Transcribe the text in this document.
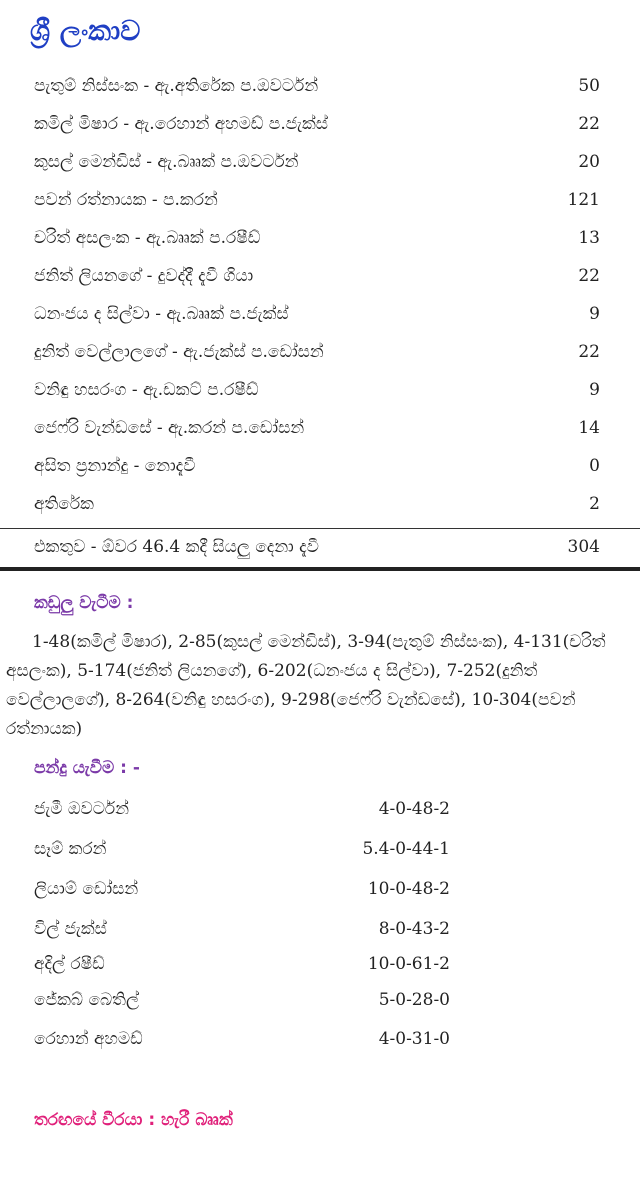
ශ්‍රී ලංකාව
පැතුම් නිස්සංක - ඇ.අතිරේක ප.ඔවර්ටන්	50
කමිල් මිෂාර - ඇ.රෙහාන් අහමඩ් ප.ජැක්ස්	22
කුසල් මෙන්ඩිස් - ඇ.බෲක් ප.ඔවර්ටන්	20
පවන් රත්නායක - ප.කරන්	121
චරිත් අසලංක - ඇ.බෲක් ප.රෂීඩ්	13
ජනිත් ලියනගේ - දුවද්දී දැවී ගියා	22
ධනංජය ද සිල්වා - ඇ.බෲක් ප.ජැක්ස්	9
දුනිත් වෙල්ලාලගේ - ඇ.ජැක්ස් ප.ඩෝසන්	22
වනිඳු හසරංග - ඇ.ඩකට් ප.රෂීඩ්	9
ජෙෆ්රි වැන්ඩසේ - ඇ.කරන් ප.ඩෝසන්	14
අසිත ප්‍රනාන්දු - නොදැවී	0
අතිරේක	2
එකතුව - ඕවර 46.4 කදී සියලු දෙනා දැවී	304
කඩුලු වැටීම :

1-48(කමිල් මිෂාර), 2-85(කුසල් මෙන්ඩිස්), 3-94(පැතුම් නිස්සංක), 4-131(චරිත් අසලංක), 5-174(ජනිත් ලියනගේ), 6-202(ධනංජය ද සිල්වා), 7-252(දුනිත් වෙල්ලාලගේ), 8-264(වනිඳු හසරංග), 9-298(ජෙෆ්රි වැන්ඩසේ), 10-304(පවන් රත්නායක)

පන්දු යැවීම : -
ජැමී ඔවර්ටන්	4-0-48-2
සෑම් කරන්	5.4-0-44-1
ලියාම් ඩෝසන්	10-0-48-2
විල් ජැක්ස්	8-0-43-2
අදිල් රෂීඩ්	10-0-61-2
ජේකබ් බෙතිල්	5-0-28-0
රෙහාන් අහමඩ්	4-0-31-0
තරඟයේ වීරයා : හැරී බෲක්
